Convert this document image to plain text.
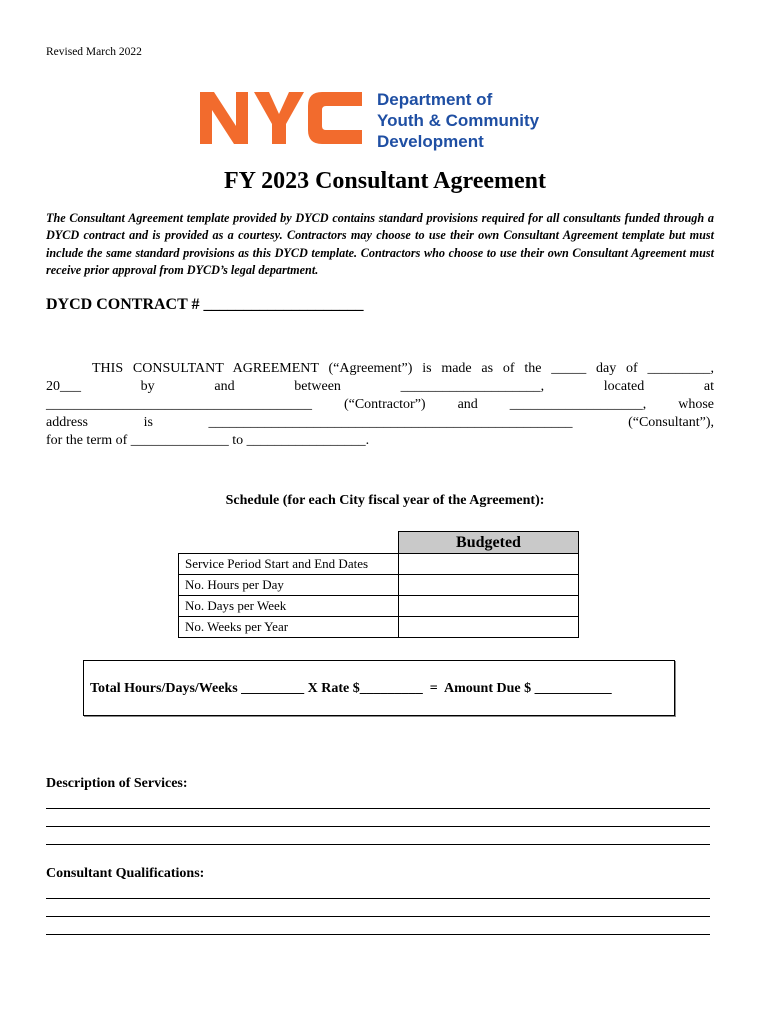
Revised March 2022
Department of
Youth & Community
Development
FY 2023 Consultant Agreement
The Consultant Agreement template provided by DYCD contains standard provisions required for all consultants funded through a DYCD contract and is provided as a courtesy. Contractors may choose to use their own Consultant Agreement template but must include the same standard provisions as this DYCD template. Contractors who choose to use their own Consultant Agreement must receive prior approval from DYCD’s legal department.
DYCD CONTRACT # ____________________
THIS CONSULTANT AGREEMENT (“Agreement”) is made as of the _____ day of _________,
20___ by and between ____________________, located at
______________________________________ (“Contractor”) and ___________________, whose
address is ____________________________________________________ (“Consultant”),
for the term of ______________ to _________________.
Schedule (for each City fiscal year of the Agreement):
	Budgeted
Service Period Start and End Dates	
No. Hours per Day	
No. Days per Week	
No. Weeks per Year	
Total Hours/Days/Weeks _________ X Rate $_________  =  Amount Due $ ___________
Description of Services:
Consultant Qualifications:
